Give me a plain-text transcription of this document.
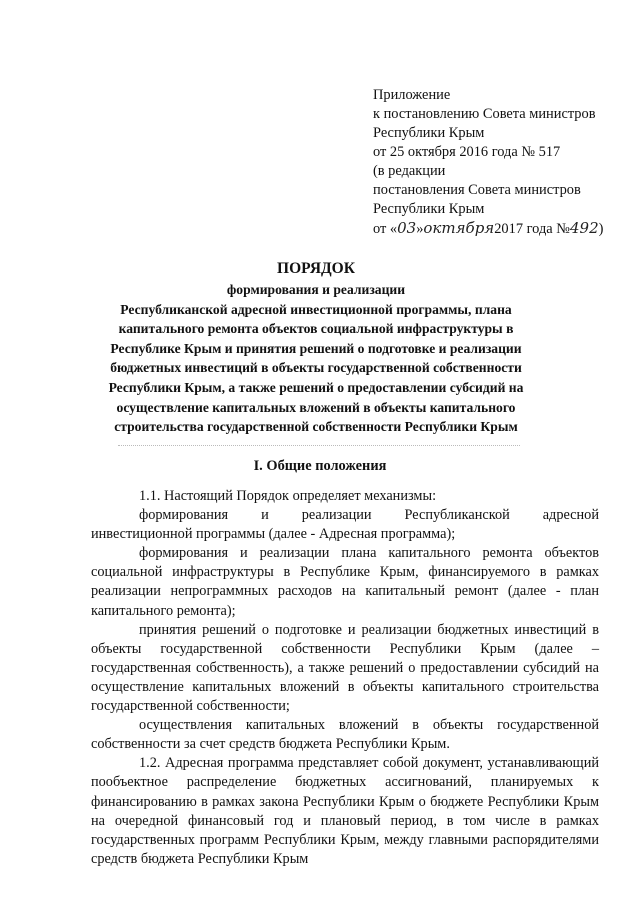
Приложение
к постановлению Совета министров
Республики Крым
от 25 октября 2016 года № 517
(в редакции
постановления Совета министров
Республики Крым
от «03»октября2017 года №492)
ПОРЯДОК
формирования и реализации
Республиканской адресной инвестиционной программы, плана
капитального ремонта объектов социальной инфраструктуры в
Республике Крым и принятия решений о подготовке и реализации
бюджетных инвестиций в объекты государственной собственности
Республики Крым, а также решений о предоставлении субсидий на
осуществление капитальных вложений в объекты капитального
строительства государственной собственности Республики Крым
I. Общие положения

1.1. Настоящий Порядок определяет механизмы:

формирования и реализации Республиканской адресной

инвестиционной программы (далее - Адресная программа);

формирования и реализации плана капитального ремонта объектов социальной инфраструктуры в Республике Крым, финансируемого в рамках реализации непрограммных расходов на капитальный ремонт (далее - план капитального ремонта);

принятия решений о подготовке и реализации бюджетных инвестиций в объекты государственной собственности Республики Крым (далее – государственная собственность), а также решений о предоставлении субсидий на осуществление капитальных вложений в объекты капитального строительства государственной собственности;

осуществления капитальных вложений в объекты государственной собственности за счет средств бюджета Республики Крым.

1.2. Адресная программа представляет собой документ, устанавливающий пообъектное распределение бюджетных ассигнований, планируемых к финансированию в рамках закона Республики Крым о бюджете Республики Крым на очередной финансовый год и плановый период, в том числе в рамках государственных программ Республики Крым, между главными распорядителями средств бюджета Республики Крым
